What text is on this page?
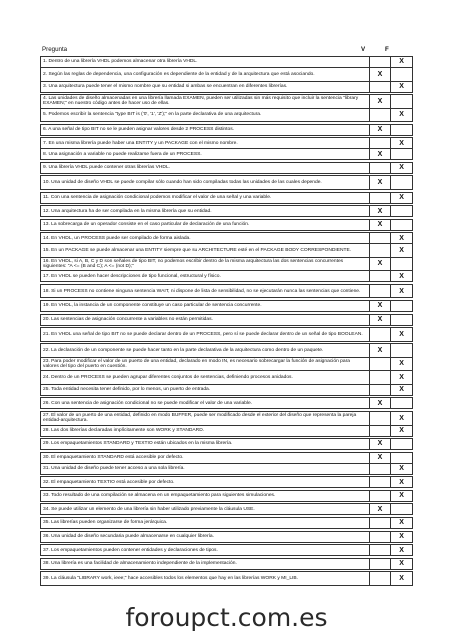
Pregunta	V	F
1. Dentro de una librería VHDL podemos almacenar otra librería VHDL.		X
2. Según las reglas de dependencia, una configuración es dependiente de la entidad y de la arquitectura que está asociando.	X	
3. Una arquitectura puede tener el mismo nombre que su entidad si ambas se encuentran en diferentes librerías.		X

4. Las unidades de diseño almacenadas en una librería llamada EXAMEN, pueden ser utilizadas sin más requisito que incluir la sentencia "library EXAMEN;" en nuestro código antes de hacer uso de ellas.	X	
5. Podemos escribir la sentencia "type BIT is ('0', '1', 'Z');" en la parte declarativa de una arquitectura.		X

6. A una señal de tipo BIT no se le pueden asignar valores desde 2 PROCESS distintos.	X	

7. En una misma librería puede haber una ENTITY y un PACKAGE con el mismo nombre.		X
8. Una asignación a variable no puede realizarse fuera de un PROCESS.	X	

9. Una librería VHDL puede contener otras librerías VHDL.		X

10. Una unidad de diseño VHDL se puede compilar sólo cuando han sido compiladas todas las unidades de las cuales depende.	X	

11. Con una sentencia de asignación condicional podemos modificar el valor de una señal y una variable.		X

12. Una arquitectura ha de ser compilada en la misma librería que su entidad.	X	

13. La sobrecarga de un operador consiste en el caso particular de declaración de una función.	X	

14. En VHDL, un PROCESS puede ser compilado de forma aislada.		X
15. En un PACKAGE se puede almacenar una ENTITY siempre que su ARCHITECTURE esté en el PACKAGE BODY CORRESPONDIENTE.		X
16. En VHDL, si A, B, C y D son señales de tipo BIT, no podemos escribir dentro de la misma arquitectura las dos sentencias concurrentes siguientes: "A <= (B and C); A <= (not D);"	X	
17. En VHDL se pueden hacer descripciones de tipo funcional, estructural y físico.		X

18. Si un PROCESS no contiene ninguna sentencia WAIT, ni dispone de lista de sensibilidad, no se ejecutarán nunca las sentencias que contiene.		X

19. En VHDL, la instancia de un componente constituye un caso particular de sentencia concurrente.	X	

20. Las sentencias de asignación concurrente a variables no están permitidas.	X	

21. En VHDL una señal de tipo BIT no se puede declarar dentro de un PROCESS, pero sí se puede declarar dentro de un señal de tipo BOOLEAN.		X

22. La declaración de un componente se puede hacer tanto en la parte declarativa de la arquitectura como dentro de un paquete.	X	
23. Para poder modificar el valor de un puerto de una entidad, declarado en modo IN, es necesario sobrecargar la función de asignación para valores del tipo del puerto en cuestión.		X
24. Dentro de un PROCESS se pueden agrupar diferentes conjuntos de sentencias, definiendo procesos anidados.		X
25. Toda entidad necesita tener definido, por lo menos, un puerto de entrada.		X

26. Con una sentencia de asignación condicional no se puede modificar el valor de una variable.	X	

27. El valor de un puerto de una entidad, definido en modo BUFFER, puede ser modificado desde el exterior del diseño que representa la pareja entidad-arquitectura.		X
28. Las dos librerías declaradas implícitamente son WORK y STANDARD.		X

29. Los empaquetamientos STANDARD y TEXTIO están ubicados en la misma librería.	X	

30. El empaquetamiento STANDARD está accesible por defecto.	X	
31. Una unidad de diseño puede tener acceso a una sola librería.		X

32. El empaquetamiento TEXTIO está accesible por defecto.		X

33. Todo resultado de una compilación se almacena en un empaquetamiento para siguientes simulaciones.		X

34. Se puede utilizar un elemento de una librería sin haber utilizado previamente la cláusula USE.	X	

35. Las librerías pueden organizarse de forma jerárquica.		X

36. Una unidad de diseño secundaria puede almacenarse en cualquier librería.		X

37. Los empaquetamientos pueden contener entidades y declaraciones de tipos.		X

38. Una librería es una facilidad de almacenamiento independiente de la implementación.		X

39. La cláusula "LIBRARY work, ieee;" hace accesibles todos los elementos que hay en las librerías WORK y MI_LIB.		X
foroupct.com.es
